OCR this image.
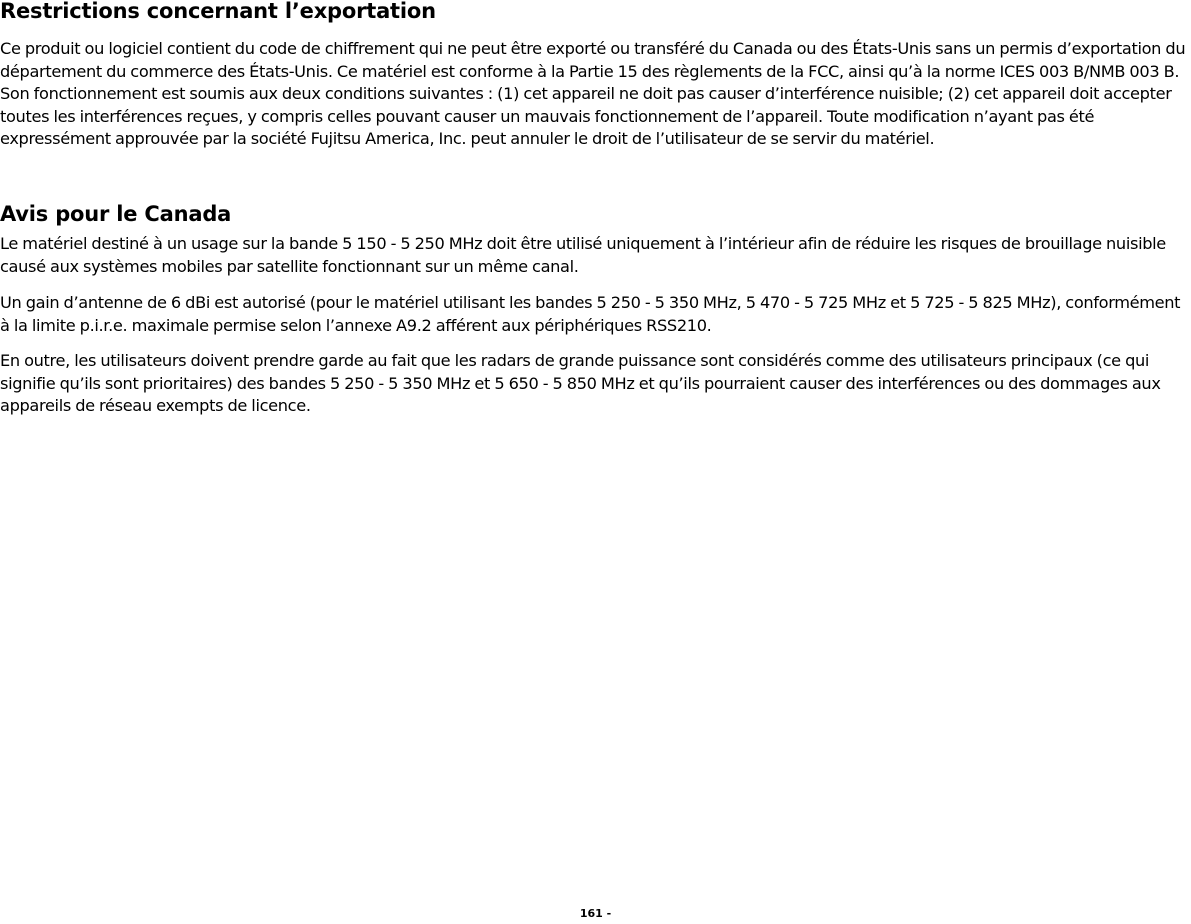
Restrictions concernant l’exportation

Ce produit ou logiciel contient du code de chiffrement qui ne peut être exporté ou transféré du Canada ou des États-Unis sans un permis d’exportation du département du commerce des États-Unis. Ce matériel est conforme à la Partie 15 des règlements de la FCC, ainsi qu’à la norme ICES 003 B/NMB 003 B. Son fonctionnement est soumis aux deux conditions suivantes : (1) cet appareil ne doit pas causer d’interférence nuisible; (2) cet appareil doit accepter toutes les interférences reçues, y compris celles pouvant causer un mauvais fonctionnement de l’appareil. Toute modification n’ayant pas été expressément approuvée par la société Fujitsu America, Inc. peut annuler le droit de l’utilisateur de se servir du matériel.

Avis pour le Canada

Le matériel destiné à un usage sur la bande 5 150 - 5 250 MHz doit être utilisé uniquement à l’intérieur afin de réduire les risques de brouillage nuisible causé aux systèmes mobiles par satellite fonctionnant sur un même canal.

Un gain d’antenne de 6 dBi est autorisé (pour le matériel utilisant les bandes 5 250 - 5 350 MHz, 5 470 - 5 725 MHz et 5 725 - 5 825 MHz), conformément à la limite p.i.r.e. maximale permise selon l’annexe A9.2 afférent aux périphériques RSS210.

En outre, les utilisateurs doivent prendre garde au fait que les radars de grande puissance sont considérés comme des utilisateurs principaux (ce qui signifie qu’ils sont prioritaires) des bandes 5 250 - 5 350 MHz et 5 650 - 5 850 MHz et qu’ils pourraient causer des interférences ou des dommages aux appareils de réseau exempts de licence.

161 -
